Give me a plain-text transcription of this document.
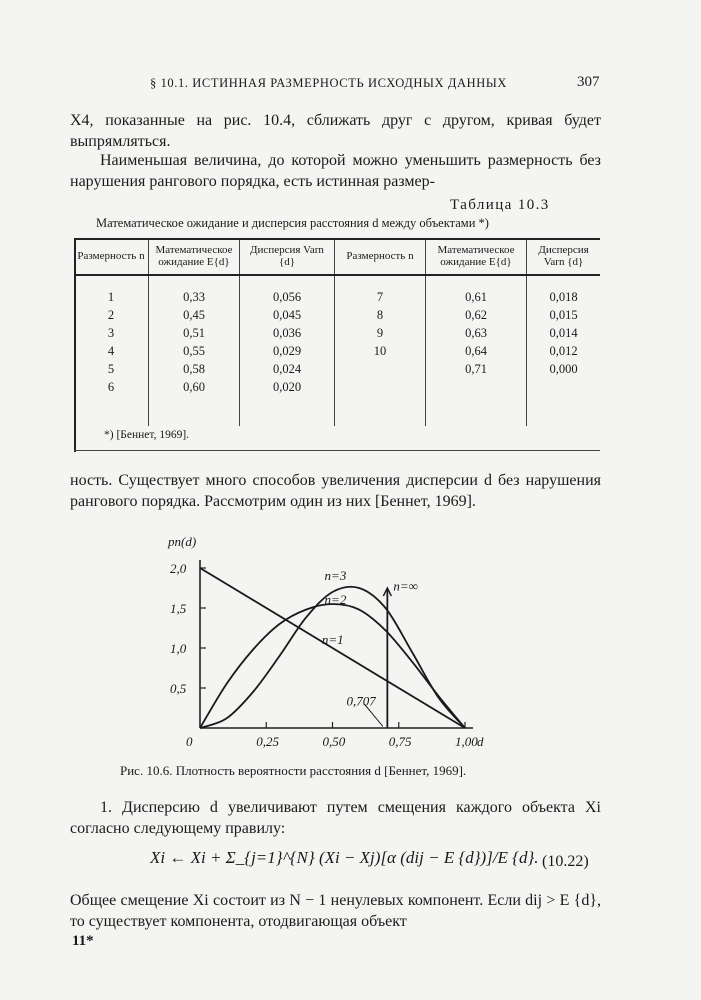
§ 10.1. ИСТИННАЯ РАЗМЕРНОСТЬ ИСХОДНЫХ ДАННЫХ	307
X4, показанные на рис. 10.4, сближать друг с другом, кривая будет выпрямляться.
Наименьшая величина, до которой можно уменьшить размерность без нарушения рангового порядка, есть истинная размер-
Таблица 10.3
Математическое ожидание и дисперсия расстояния d между объектами *)
Размерность n	Математическое ожидание E{d}	Дисперсия Varn {d}	Размерность n	Математическое ожидание E{d}	Дисперсия Varn {d}
1	0,33	0,056	7	0,61	0,018
2	0,45	0,045	8	0,62	0,015
3	0,51	0,036	9	0,63	0,014
4	0,55	0,029	10	0,64	0,012
5	0,58	0,024		0,71	0,000
6	0,60	0,020			

*) [Беннет, 1969].					
ность. Существует много способов увеличения дисперсии d без нарушения рангового порядка. Рассмотрим один из них [Беннет, 1969].
0	0,25	0,50	0,75	1,00 d
0,5
1,0
1,5
2,0
pn(d)
n=3
n=2
n=1
n=∞
0,707
Рис. 10.6. Плотность вероятности расстояния d [Беннет, 1969].
1. Дисперсию d увеличивают путем смещения каждого объекта Xi согласно следующему правилу:
Xi ← Xi + Σ_{j=1}^{N} (Xi − Xj)[α (dij − E {d})]/E {d}. (10.22)
Общее смещение Xi состоит из N − 1 ненулевых компонент. Если dij > E {d}, то существует компонента, отодвигающая объект
11*
